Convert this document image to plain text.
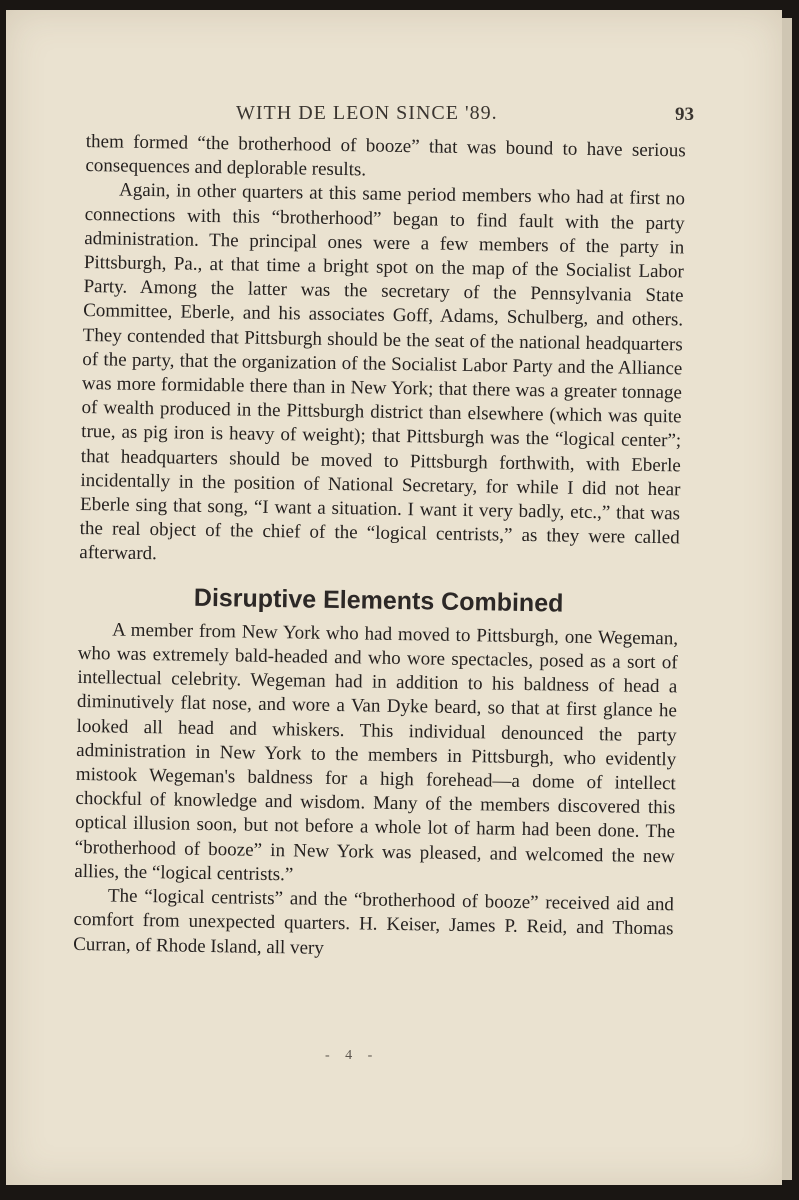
WITH DE LEON SINCE '89.	93

them formed “the brotherhood of booze” that was bound to have serious consequences and deplorable results.

Again, in other quarters at this same period members who had at first no connections with this “brotherhood” began to find fault with the party administration. The principal ones were a few members of the party in Pittsburgh, Pa., at that time a bright spot on the map of the Socialist Labor Party. Among the latter was the secretary of the Pennsylvania State Committee, Eberle, and his associates Goff, Adams, Schulberg, and others. They contended that Pittsburgh should be the seat of the national headquarters of the party, that the organization of the Socialist Labor Party and the Alliance was more formidable there than in New York; that there was a greater tonnage of wealth produced in the Pittsburgh district than elsewhere (which was quite true, as pig iron is heavy of weight); that Pittsburgh was the “logical center”; that headquarters should be moved to Pittsburgh forthwith, with Eberle incidentally in the position of National Secretary, for while I did not hear Eberle sing that song, “I want a situation. I want it very badly, etc.,” that was the real object of the chief of the “logical centrists,” as they were called afterward.

Disruptive Elements Combined

A member from New York who had moved to Pittsburgh, one Wegeman, who was extremely bald-headed and who wore spectacles, posed as a sort of intellectual celebrity. Wegeman had in addition to his baldness of head a diminutively flat nose, and wore a Van Dyke beard, so that at first glance he looked all head and whiskers. This individual denounced the party administration in New York to the members in Pittsburgh, who evidently mistook Wegeman's baldness for a high forehead—a dome of intellect chockful of knowledge and wisdom. Many of the members discovered this optical illusion soon, but not before a whole lot of harm had been done. The “brotherhood of booze” in New York was pleased, and welcomed the new allies, the “logical centrists.”

The “logical centrists” and the “brotherhood of booze” received aid and comfort from unexpected quarters. H. Keiser, James P. Reid, and Thomas Curran, of Rhode Island, all very

- 4 -
